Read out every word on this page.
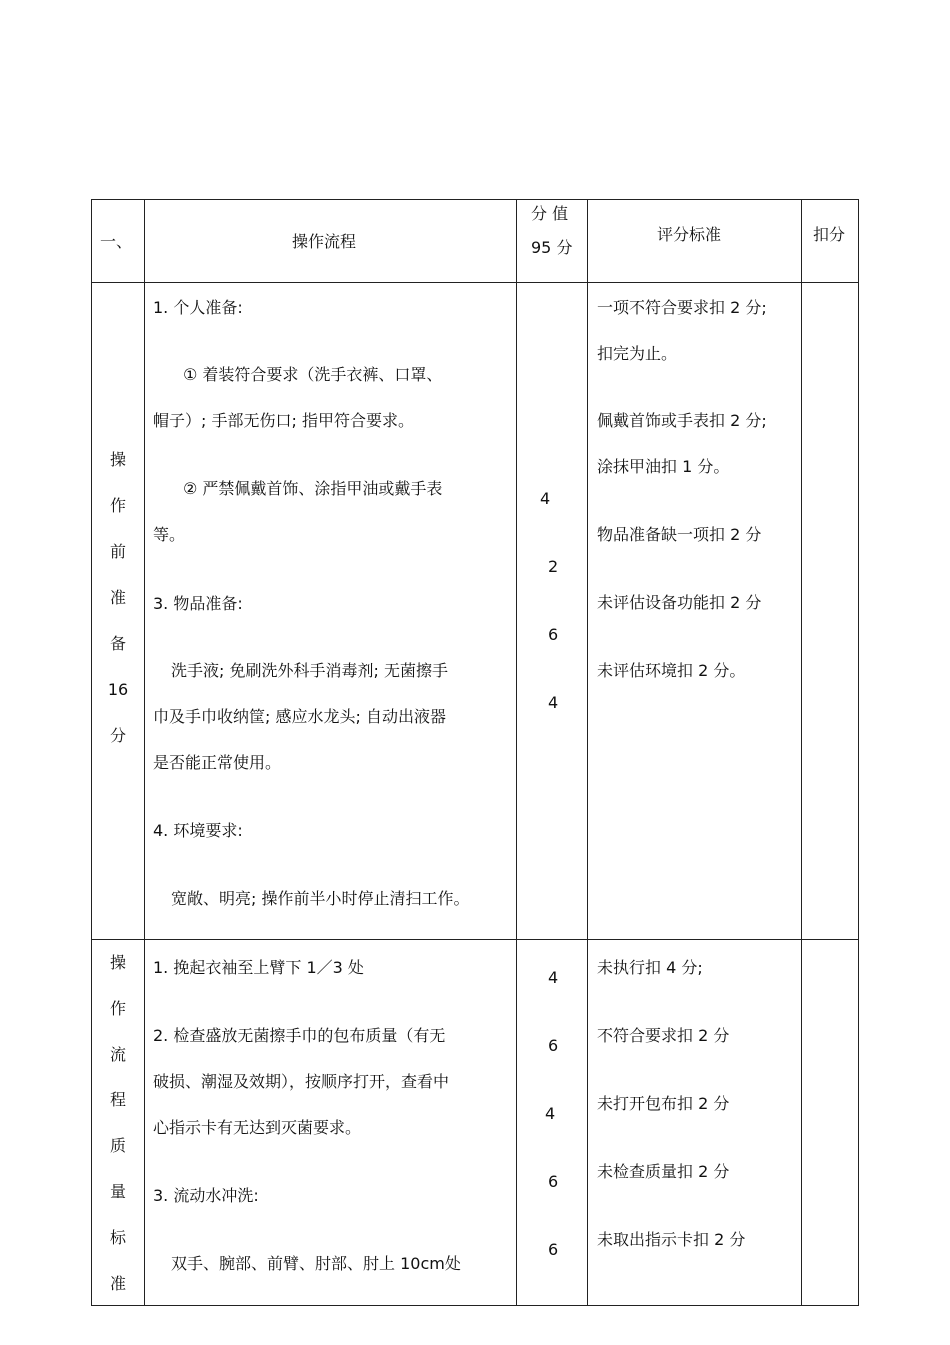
一、	操作流程
分 值
95 分
评分标准	扣分
操
作
前
准
备
16
分
1. 个人准备:
① 着装符合要求（洗手衣裤、口罩、
帽子）; 手部无伤口; 指甲符合要求。
② 严禁佩戴首饰、涂指甲油或戴手表
等。
3. 物品准备:
洗手液; 免刷洗外科手消毒剂; 无菌擦手
巾及手巾收纳筐; 感应水龙头; 自动出液器
是否能正常使用。
4. 环境要求:
宽敞、明亮; 操作前半小时停止清扫工作。
4
2
6
4
一项不符合要求扣 2 分;
扣完为止。
佩戴首饰或手表扣 2 分;
涂抹甲油扣 1 分。
物品准备缺一项扣 2 分
未评估设备功能扣 2 分
未评估环境扣 2 分。
操
作
流
程
质
量
标
准
1. 挽起衣袖至上臂下 1／3 处
2. 检查盛放无菌擦手巾的包布质量（有无
破损、潮湿及效期），按顺序打开，查看中
心指示卡有无达到灭菌要求。
3. 流动水冲洗:
双手、腕部、前臂、肘部、肘上 10cm处
4
6
4
6
6
未执行扣 4 分;
不符合要求扣 2 分
未打开包布扣 2 分
未检查质量扣 2 分
未取出指示卡扣 2 分
